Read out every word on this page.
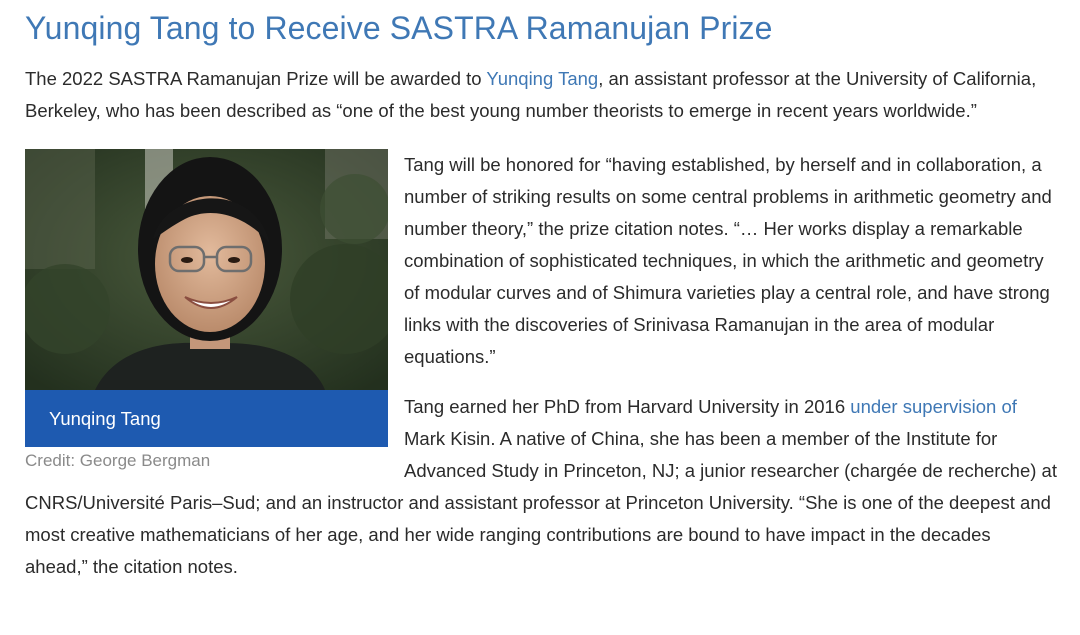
Yunqing Tang to Receive SASTRA Ramanujan Prize

The 2022 SASTRA Ramanujan Prize will be awarded to Yunqing Tang, an assistant professor at the University of California, Berkeley, who has been described as “one of the best young number theorists to emerge in recent years worldwide.”

Yunqing Tang
Credit: George Bergman

Tang will be honored for “having established, by herself and in collaboration, a number of striking results on some central problems in arithmetic geometry and number theory,” the prize citation notes. “… Her works display a remarkable combination of sophisticated techniques, in which the arithmetic and geometry of modular curves and of Shimura varieties play a central role, and have strong links with the discoveries of Srinivasa Ramanujan in the area of modular equations.”

Tang earned her PhD from Harvard University in 2016 under supervision of Mark Kisin. A native of China, she has been a member of the Institute for Advanced Study in Princeton, NJ; a junior researcher (chargée de recherche) at CNRS/Université Paris–Sud; and an instructor and assistant professor at Princeton University. “She is one of the deepest and most creative mathematicians of her age, and her wide ranging contributions are bound to have impact in the decades ahead,” the citation notes.
